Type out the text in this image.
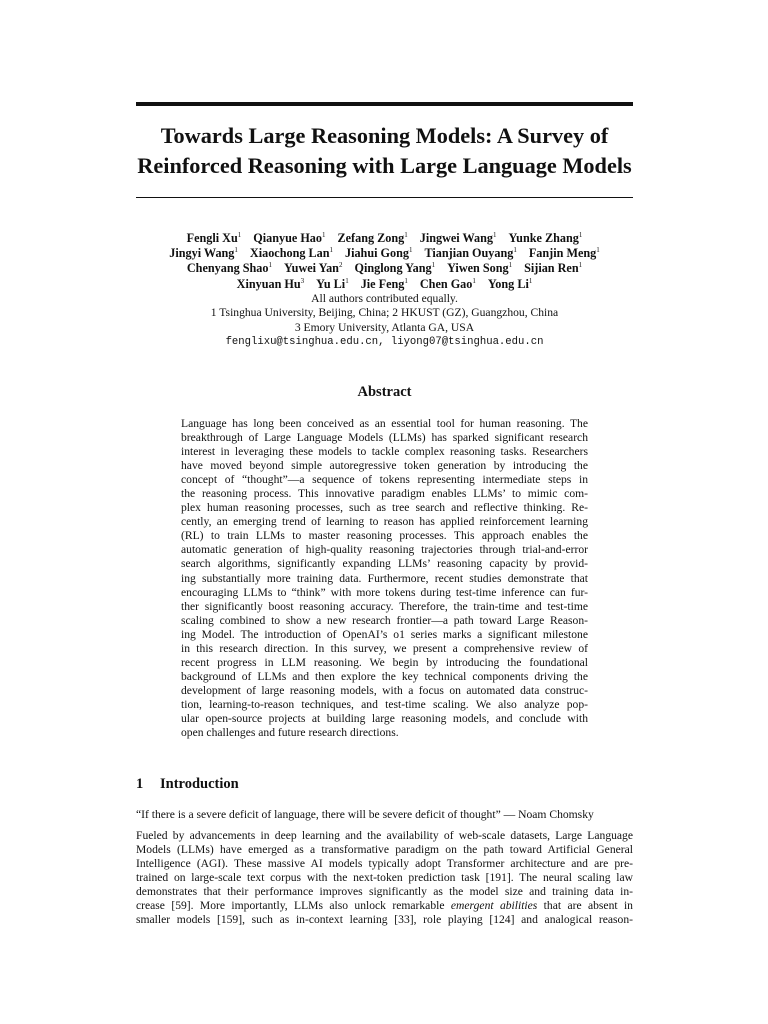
Towards Large Reasoning Models: A Survey of
Reinforced Reasoning with Large Language Models
Fengli Xu$^1$ Qianyue Hao$^1$ Zefang Zong$^1$ Jingwei Wang$^1$ Yunke Zhang$^1$
Jingyi Wang$^1$ Xiaochong Lan$^1$ Jiahui Gong$^1$ Tianjian Ouyang$^1$ Fanjin Meng$^1$
Chenyang Shao$^1$ Yuwei Yan$^2$ Qinglong Yang$^1$ Yiwen Song$^1$ Sijian Ren$^1$
Xinyuan Hu$^3$ Yu Li$^1$ Jie Feng$^1$ Chen Gao$^1$ Yong Li$^1$
All authors contributed equally.
1 Tsinghua University, Beijing, China; 2 HKUST (GZ), Guangzhou, China
3 Emory University, Atlanta GA, USA
fenglixu@tsinghua.edu.cn, liyong07@tsinghua.edu.cn
Abstract
Language has long been conceived as an essential tool for human reasoning. The
breakthrough of Large Language Models (LLMs) has sparked significant research
interest in leveraging these models to tackle complex reasoning tasks. Researchers
have moved beyond simple autoregressive token generation by introducing the
concept of “thought”—a sequence of tokens representing intermediate steps in
the reasoning process. This innovative paradigm enables LLMs’ to mimic com-
plex human reasoning processes, such as tree search and reflective thinking. Re-
cently, an emerging trend of learning to reason has applied reinforcement learning
(RL) to train LLMs to master reasoning processes. This approach enables the
automatic generation of high-quality reasoning trajectories through trial-and-error
search algorithms, significantly expanding LLMs’ reasoning capacity by provid-
ing substantially more training data. Furthermore, recent studies demonstrate that
encouraging LLMs to “think” with more tokens during test-time inference can fur-
ther significantly boost reasoning accuracy. Therefore, the train-time and test-time
scaling combined to show a new research frontier—a path toward Large Reason-
ing Model. The introduction of OpenAI’s o1 series marks a significant milestone
in this research direction. In this survey, we present a comprehensive review of
recent progress in LLM reasoning. We begin by introducing the foundational
background of LLMs and then explore the key technical components driving the
development of large reasoning models, with a focus on automated data construc-
tion, learning-to-reason techniques, and test-time scaling. We also analyze pop-
ular open-source projects at building large reasoning models, and conclude with
open challenges and future research directions.
1 Introduction
“If there is a severe deficit of language, there will be severe deficit of thought” — Noam Chomsky
Fueled by advancements in deep learning and the availability of web-scale datasets, Large Language
Models (LLMs) have emerged as a transformative paradigm on the path toward Artificial General
Intelligence (AGI). These massive AI models typically adopt Transformer architecture and are pre-
trained on large-scale text corpus with the next-token prediction task [191]. The neural scaling law
demonstrates that their performance improves significantly as the model size and training data in-
crease [59]. More importantly, LLMs also unlock remarkable emergent abilities that are absent in
smaller models [159], such as in-context learning [33], role playing [124] and analogical reason-
